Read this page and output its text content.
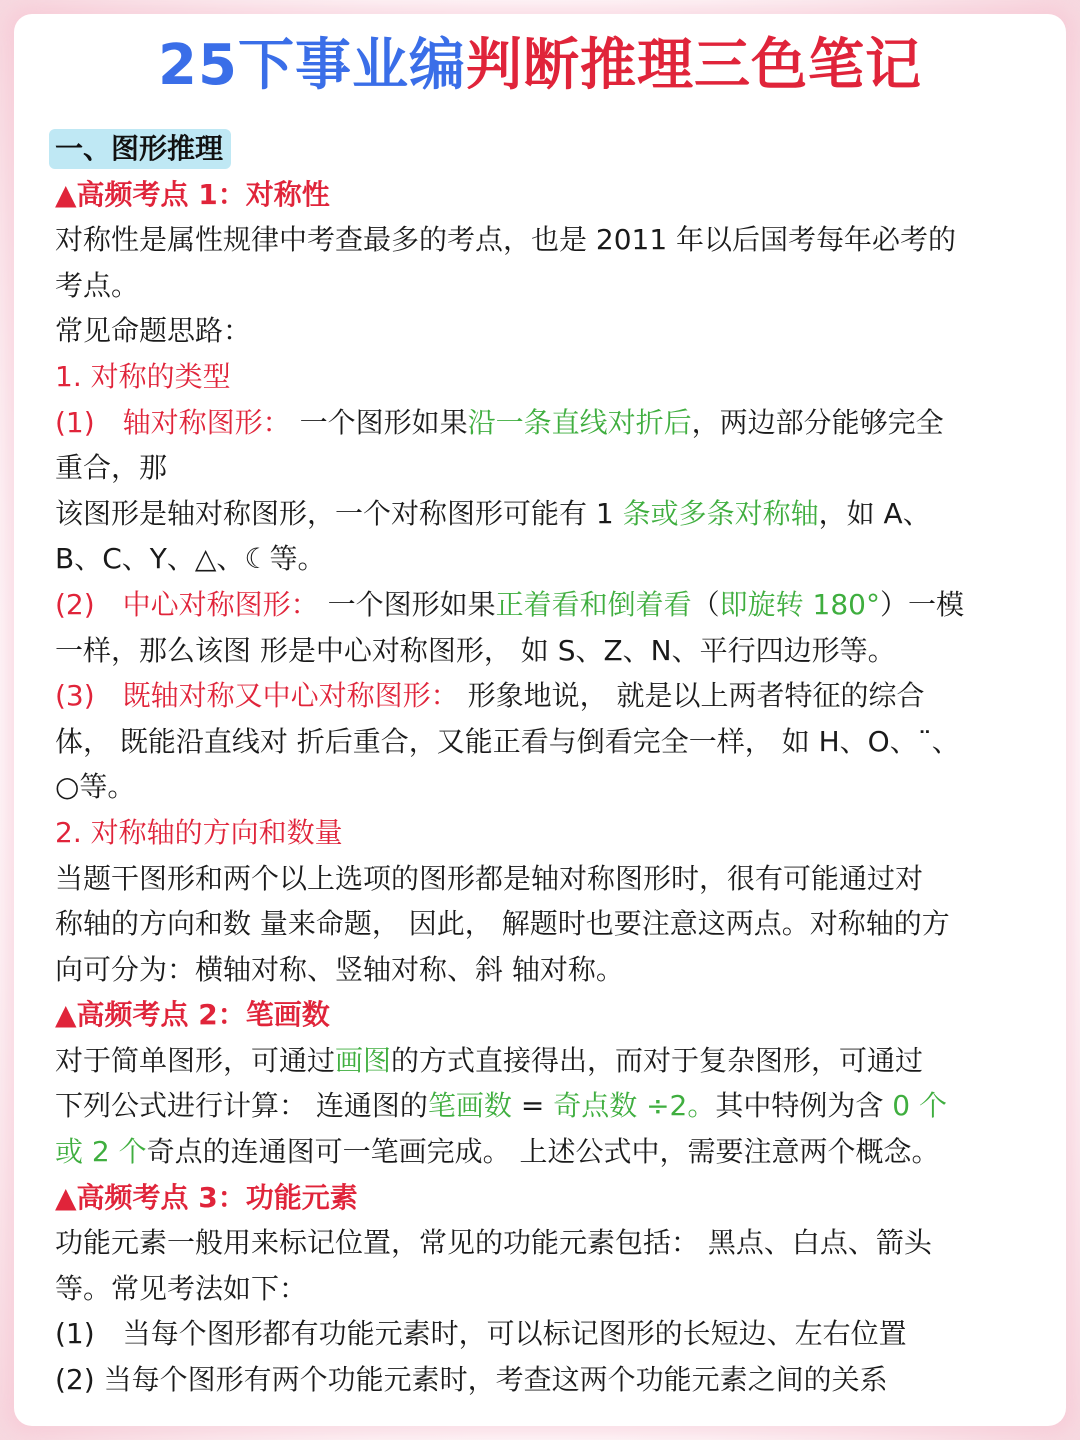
25下事业编判断推理三色笔记
一、图形推理
▲高频考点 1：对称性
对称性是属性规律中考查最多的考点，也是 2011 年以后国考每年必考的
考点。
常见命题思路：
1. 对称的类型
(1)　轴对称图形： 一个图形如果沿一条直线对折后，两边部分能够完全
重合，那
该图形是轴对称图形，一个对称图形可能有 1 条或多条对称轴，如 A、
B、C、Y、△、☾等。
(2)　中心对称图形： 一个图形如果正着看和倒着看（即旋转 180°）一模
一样，那么该图 形是中心对称图形， 如 S、Z、N、平行四边形等。
(3)　既轴对称又中心对称图形： 形象地说， 就是以上两者特征的综合
体， 既能沿直线对 折后重合，又能正看与倒看完全一样， 如 H、O、¨、
○等。
2. 对称轴的方向和数量
当题干图形和两个以上选项的图形都是轴对称图形时，很有可能通过对
称轴的方向和数 量来命题， 因此， 解题时也要注意这两点。对称轴的方
向可分为：横轴对称、竖轴对称、斜 轴对称。
▲高频考点 2：笔画数
对于简单图形，可通过画图的方式直接得出，而对于复杂图形，可通过
下列公式进行计算： 连通图的笔画数 = 奇点数 ÷2。其中特例为含 0 个
或 2 个奇点的连通图可一笔画完成。 上述公式中，需要注意两个概念。
▲高频考点 3：功能元素
功能元素一般用来标记位置，常见的功能元素包括： 黑点、白点、箭头
等。常见考法如下：
(1)　当每个图形都有功能元素时，可以标记图形的长短边、左右位置
(2) 当每个图形有两个功能元素时，考查这两个功能元素之间的关系
